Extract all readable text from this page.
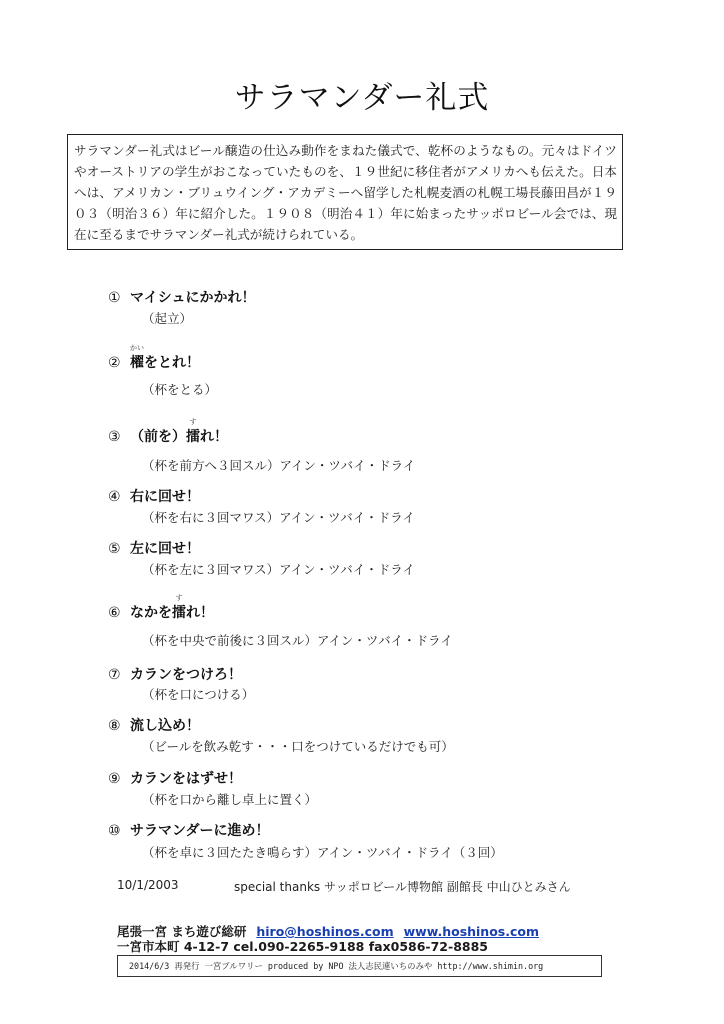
サラマンダー礼式
サラマンダー礼式はビール醸造の仕込み動作をまねた儀式で、乾杯のようなもの。元々はドイツやオーストリアの学生がおこなっていたものを、１９世紀に移住者がアメリカへも伝えた。日本へは、アメリカン・ブリュウイング・アカデミーへ留学した札幌麦酒の札幌工場長藤田昌が１９０３（明治３６）年に紹介した。１９０８（明治４１）年に始まったサッポロビール会では、現在に至るまでサラマンダー礼式が続けられている。
① マイシュにかかれ！
（起立）
②
かい
櫂をとれ！
（杯をとる）
③ （前を）
す
擂れ！
（杯を前方へ３回スル）アイン・ツバイ・ドライ
④ 右に回せ！
（杯を右に３回マワス）アイン・ツバイ・ドライ
⑤ 左に回せ！
（杯を左に３回マワス）アイン・ツバイ・ドライ
⑥ なかを
す
擂れ！
（杯を中央で前後に３回スル）アイン・ツバイ・ドライ
⑦ カランをつけろ！
（杯を口につける）
⑧ 流し込め！
（ビールを飲み乾す・・・口をつけているだけでも可）
⑨ カランをはずせ！
（杯を口から離し卓上に置く）
⑩ サラマンダーに進め！
（杯を卓に３回たたき鳴らす）アイン・ツバイ・ドライ（３回）
10/1/2003	special thanks サッポロビール博物館 副館長 中山ひとみさん
尾張一宮 まち遊び総研 hiro@hoshinos.com www.hoshinos.com
一宮市本町 4-12-7 cel.090-2265-9188 fax0586-72-8885
2014/6/3 再発行 一宮ブルワリー produced by NPO 法人志民連いちのみや http://www.shimin.org
